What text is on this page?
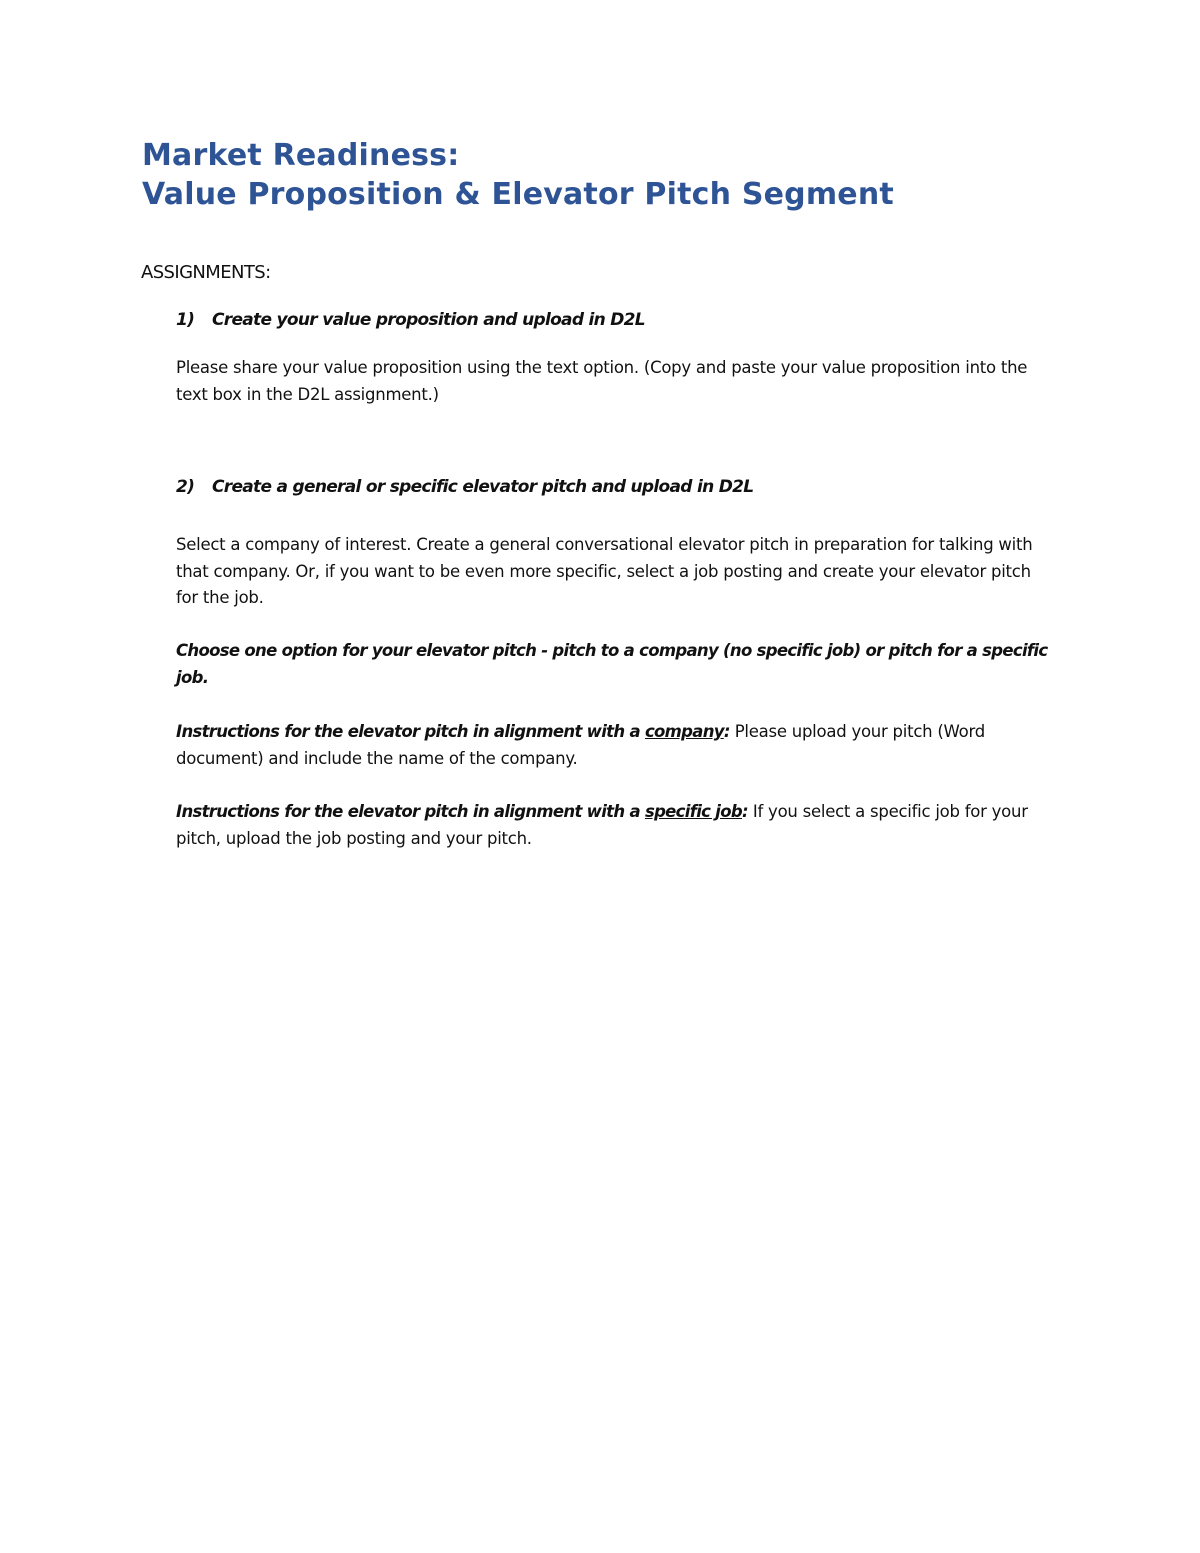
Market Readiness:
Value Proposition & Elevator Pitch Segment

ASSIGNMENTS:

1) Create your value proposition and upload in D2L

Please share your value proposition using the text option. (Copy and paste your value proposition into the text box in the D2L assignment.)

2) Create a general or specific elevator pitch and upload in D2L

Select a company of interest. Create a general conversational elevator pitch in preparation for talking with that company. Or, if you want to be even more specific, select a job posting and create your elevator pitch for the job.

Choose one option for your elevator pitch - pitch to a company (no specific job) or pitch for a specific job.

Instructions for the elevator pitch in alignment with a company: Please upload your pitch (Word document) and include the name of the company.

Instructions for the elevator pitch in alignment with a specific job: If you select a specific job for your pitch, upload the job posting and your pitch.
